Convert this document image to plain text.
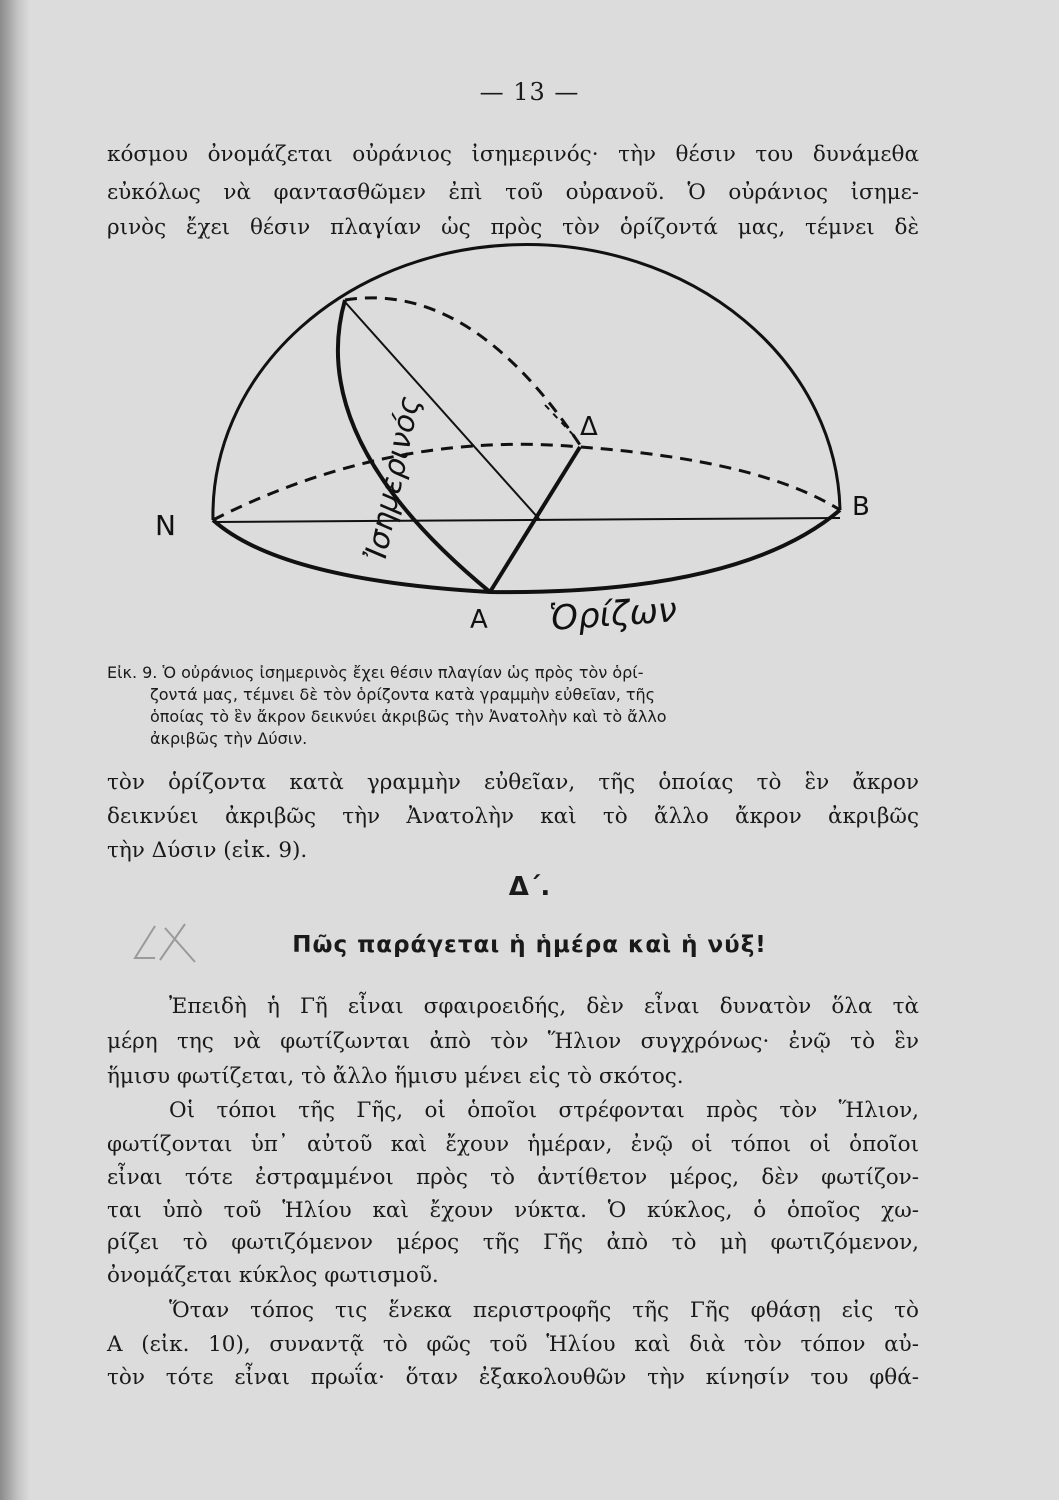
— 13 —
κόσμου ὀνομάζεται οὐράνιος ἰσημερινός· τὴν θέσιν του δυνάμεθα
εὐκόλως νὰ φαντασθῶμεν ἐπὶ τοῦ οὐρανοῦ. Ὁ οὐράνιος ἰσημε-
ρινὸς ἔχει θέσιν πλαγίαν ὡς πρὸς τὸν ὁρίζοντά μας, τέμνει δὲ
Ν
Β
Δ
Α Ὁρίζων
Ἰσημερινός
Εἰκ. 9. Ὁ οὐράνιος ἰσημερινὸς ἔχει θέσιν πλαγίαν ὡς πρὸς τὸν ὁρί-
ζοντά μας, τέμνει δὲ τὸν ὁρίζοντα κατὰ γραμμὴν εὐθεῖαν, τῆς
ὁποίας τὸ ἓν ἄκρον δεικνύει ἀκριβῶς τὴν Ἀνατολὴν καὶ τὸ ἄλλο
ἀκριβῶς τὴν Δύσιν.
τὸν ὁρίζοντα κατὰ γραμμὴν εὐθεῖαν, τῆς ὁποίας τὸ ἓν ἄκρον
δεικνύει ἀκριβῶς τὴν Ἀνατολὴν καὶ τὸ ἄλλο ἄκρον ἀκριβῶς
τὴν Δύσιν (εἰκ. 9).
Δ΄.
Πῶς παράγεται ἡ ἡμέρα καὶ ἡ νύξ!
Ἐπειδὴ ἡ Γῆ εἶναι σφαιροειδής, δὲν εἶναι δυνατὸν ὅλα τὰ
μέρη της νὰ φωτίζωνται ἀπὸ τὸν Ἥλιον συγχρόνως· ἐνῷ τὸ ἓν
ἥμισυ φωτίζεται, τὸ ἄλλο ἥμισυ μένει εἰς τὸ σκότος.
Οἱ τόποι τῆς Γῆς, οἱ ὁποῖοι στρέφονται πρὸς τὸν Ἥλιον,
φωτίζονται ὑπ᾿ αὐτοῦ καὶ ἔχουν ἡμέραν, ἐνῷ οἱ τόποι οἱ ὁποῖοι
εἶναι τότε ἐστραμμένοι πρὸς τὸ ἀντίθετον μέρος, δὲν φωτίζον-
ται ὑπὸ τοῦ Ἡλίου καὶ ἔχουν νύκτα. Ὁ κύκλος, ὁ ὁποῖος χω-
ρίζει τὸ φωτιζόμενον μέρος τῆς Γῆς ἀπὸ τὸ μὴ φωτιζόμενον,
ὀνομάζεται κύκλος φωτισμοῦ.
Ὅταν τόπος τις ἕνεκα περιστροφῆς τῆς Γῆς φθάσῃ εἰς τὸ
Α (εἰκ. 10), συναντᾷ τὸ φῶς τοῦ Ἡλίου καὶ διὰ τὸν τόπον αὐ-
τὸν τότε εἶναι πρωΐα· ὅταν ἐξακολουθῶν τὴν κίνησίν του φθά-
